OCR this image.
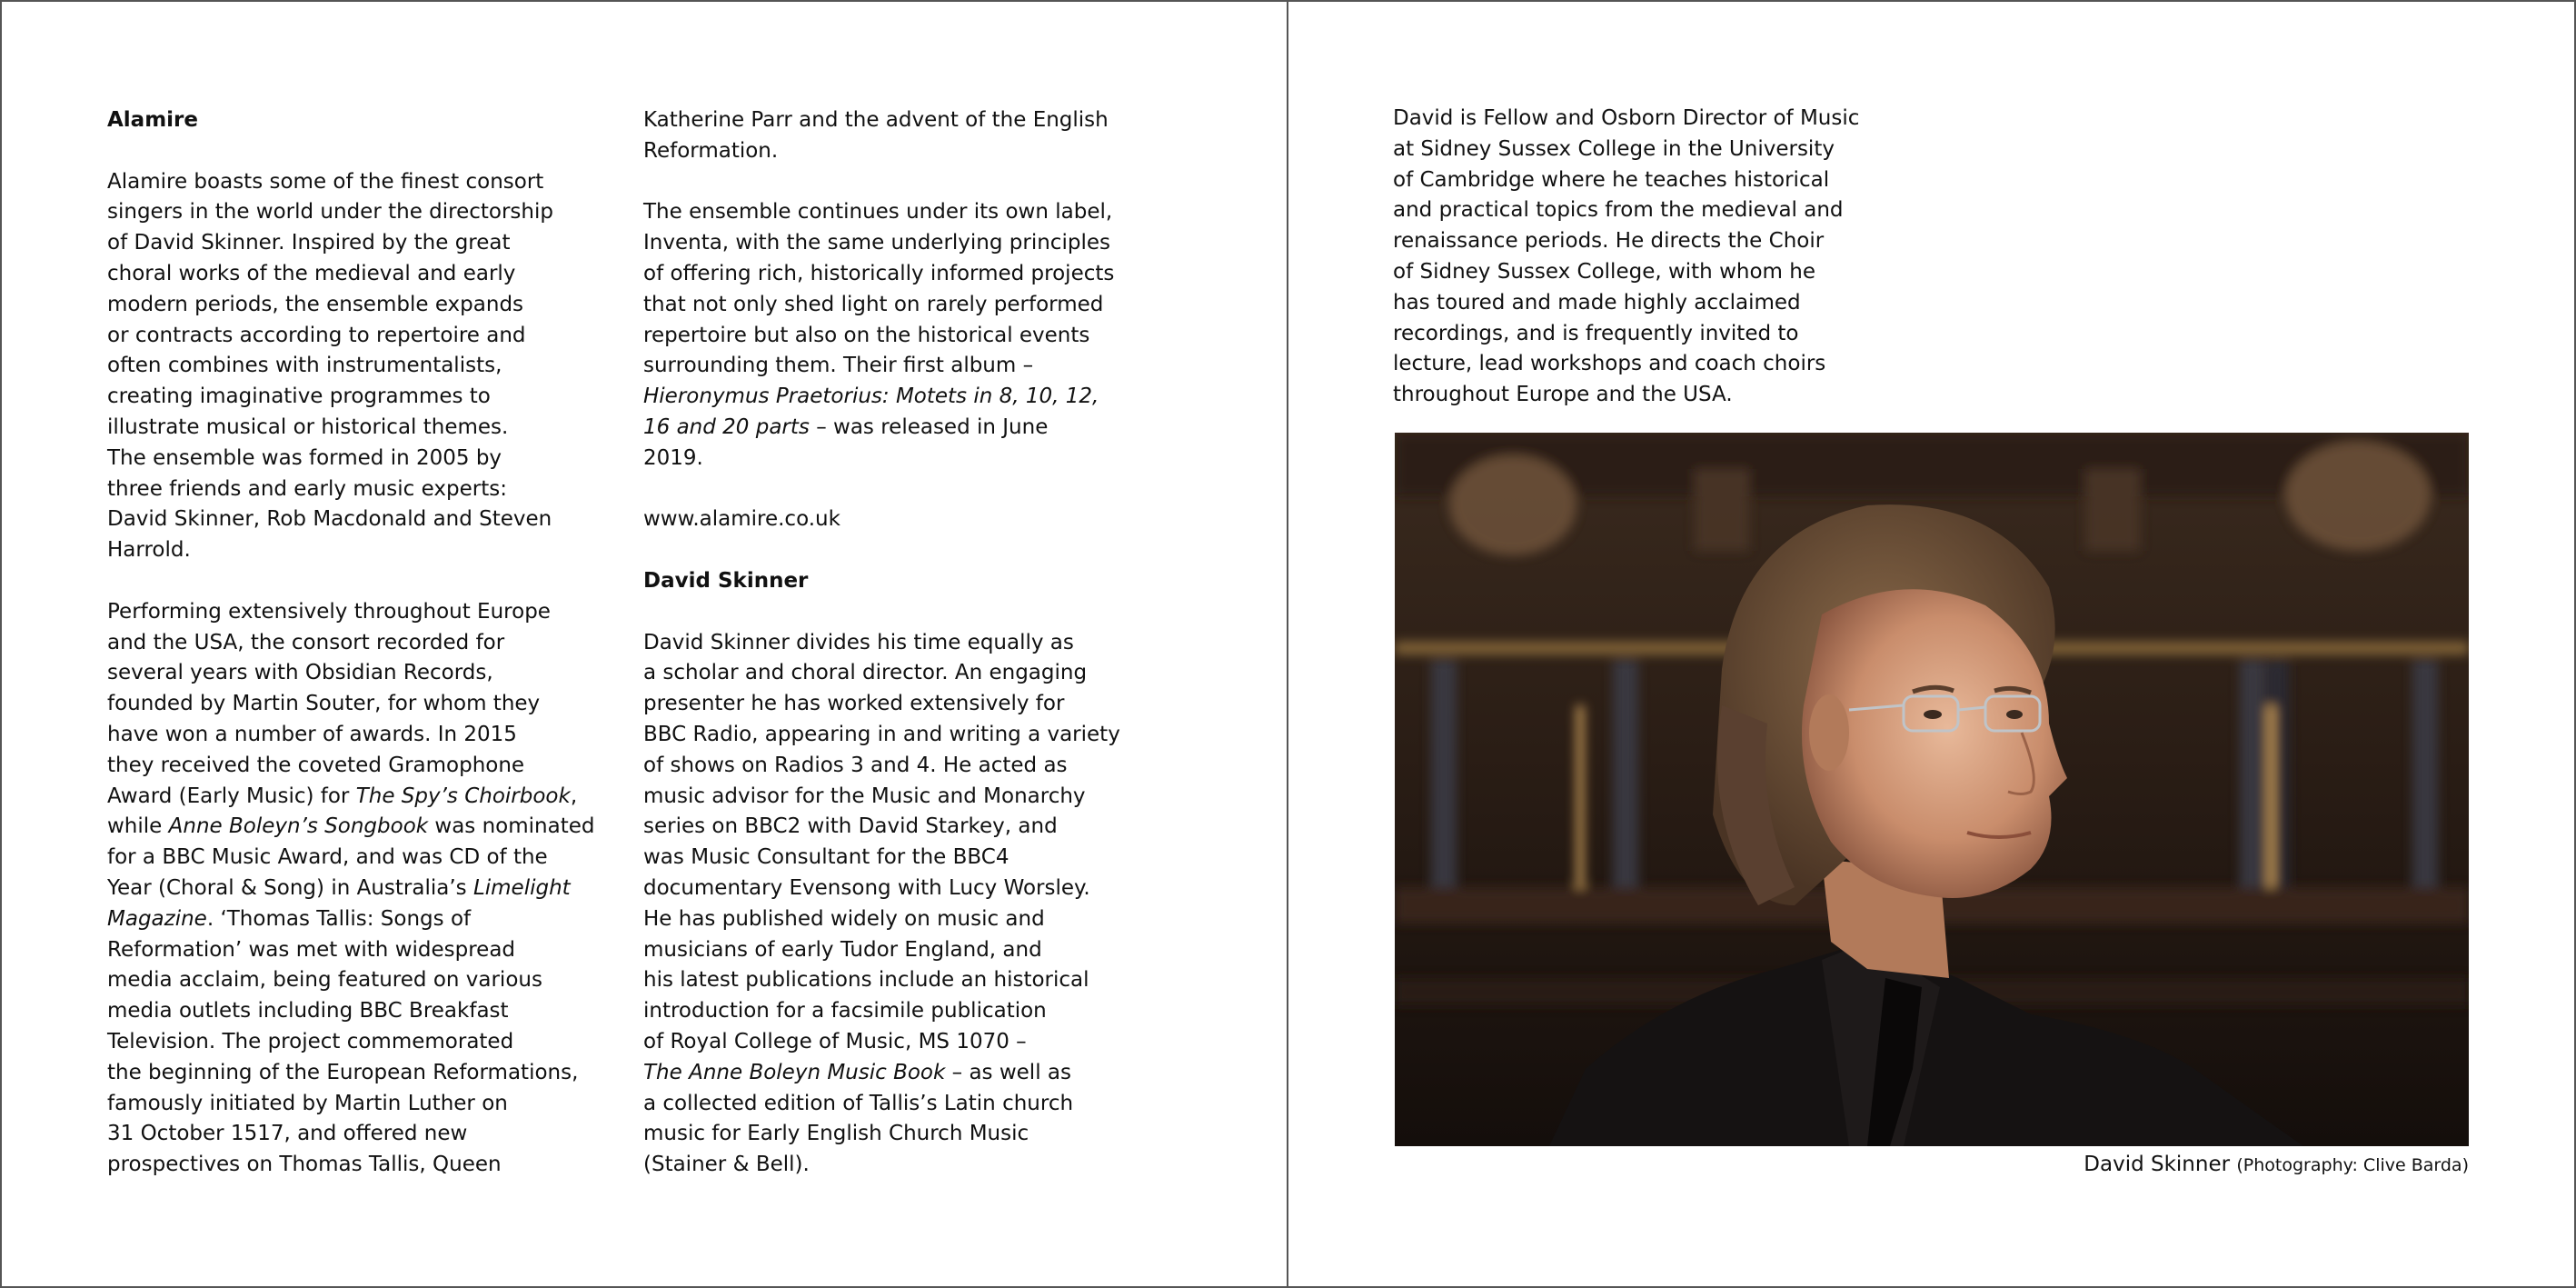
Alamire

Alamire boasts some of the finest consort
singers in the world under the directorship
of David Skinner. Inspired by the great
choral works of the medieval and early
modern periods, the ensemble expands
or contracts according to repertoire and
often combines with instrumentalists,
creating imaginative programmes to
illustrate musical or historical themes.
The ensemble was formed in 2005 by
three friends and early music experts:
David Skinner, Rob Macdonald and Steven
Harrold.

Performing extensively throughout Europe
and the USA, the consort recorded for
several years with Obsidian Records,
founded by Martin Souter, for whom they
have won a number of awards. In 2015
they received the coveted Gramophone
Award (Early Music) for The Spy’s Choirbook,
while Anne Boleyn’s Songbook was nominated
for a BBC Music Award, and was CD of the
Year (Choral & Song) in Australia’s Limelight
Magazine. ‘Thomas Tallis: Songs of
Reformation’ was met with widespread
media acclaim, being featured on various
media outlets including BBC Breakfast
Television. The project commemorated
the beginning of the European Reformations,
famously initiated by Martin Luther on
31 October 1517, and offered new
prospectives on Thomas Tallis, Queen

Katherine Parr and the advent of the English
Reformation.

The ensemble continues under its own label,
Inventa, with the same underlying principles
of offering rich, historically informed projects
that not only shed light on rarely performed
repertoire but also on the historical events
surrounding them. Their first album –
Hieronymus Praetorius: Motets in 8, 10, 12,
16 and 20 parts – was released in June
2019.

www.alamire.co.uk

David Skinner

David Skinner divides his time equally as
a scholar and choral director. An engaging
presenter he has worked extensively for
BBC Radio, appearing in and writing a variety
of shows on Radios 3 and 4. He acted as
music advisor for the Music and Monarchy
series on BBC2 with David Starkey, and
was Music Consultant for the BBC4
documentary Evensong with Lucy Worsley.
He has published widely on music and
musicians of early Tudor England, and
his latest publications include an historical
introduction for a facsimile publication
of Royal College of Music, MS 1070 –
The Anne Boleyn Music Book – as well as
a collected edition of Tallis’s Latin church
music for Early English Church Music
(Stainer & Bell).

David is Fellow and Osborn Director of Music
at Sidney Sussex College in the University
of Cambridge where he teaches historical
and practical topics from the medieval and
renaissance periods. He directs the Choir
of Sidney Sussex College, with whom he
has toured and made highly acclaimed
recordings, and is frequently invited to
lecture, lead workshops and coach choirs
throughout Europe and the USA.

David Skinner (Photography: Clive Barda)
